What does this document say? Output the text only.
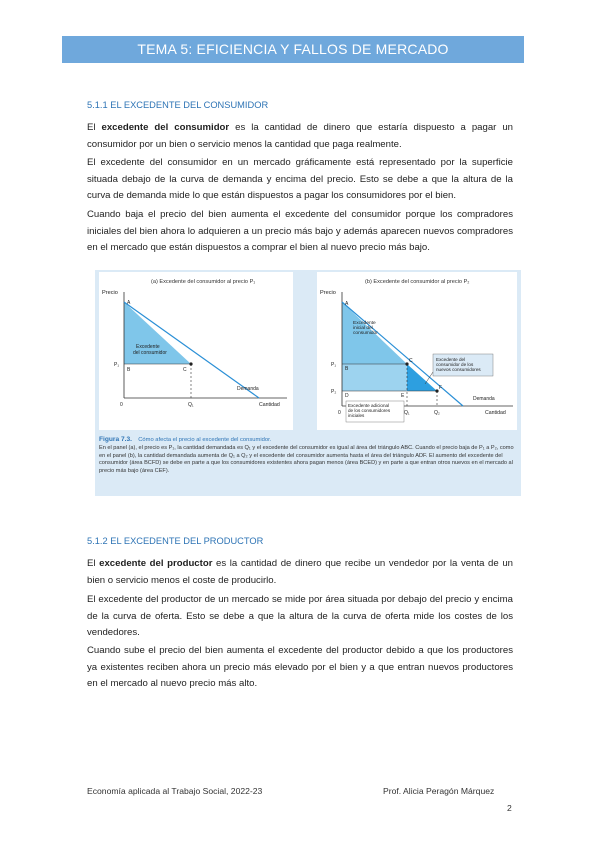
TEMA 5: EFICIENCIA Y FALLOS DE MERCADO
5.1.1 EL EXCEDENTE DEL CONSUMIDOR
El excedente del consumidor es la cantidad de dinero que estaría dispuesto a pagar un consumidor por un bien o servicio menos la cantidad que paga realmente.
El excedente del consumidor en un mercado gráficamente está representado por la superficie situada debajo de la curva de demanda y encima del precio. Esto se debe a que la altura de la curva de demanda mide lo que están dispuestos a pagar los consumidores por el bien.
Cuando baja el precio del bien aumenta el excedente del consumidor porque los compradores iniciales del bien ahora lo adquieren a un precio más bajo y además aparecen nuevos compradores en el mercado que están dispuestos a comprar el bien al nuevo precio más bajo.
(a) Excedente del consumidor al precio P₁
Precio
A
B	C
P₁
Q₁
0	Cantidad
Excedente
del consumidor
Demanda
(b) Excedente del consumidor al precio P₂
Precio
A
B
C
D	E
F
P₁
P₂
Q₁	Q₂
0	Cantidad
Excedente
inicial del
consumidor
Excedente del
consumidor de los
nuevos consumidores
Excedente adicional
de los consumidores
iniciales
Demanda
Figura 7.3. Cómo afecta el precio al excedente del consumidor.
En el panel (a), el precio es P₁, la cantidad demandada es Q₁ y el excedente del consumidor es igual al área del triángulo ABC. Cuando el precio baja de P₁ a P₂, como en el panel (b), la cantidad demandada aumenta de Q₁ a Q₂ y el excedente del consumidor aumenta hasta el área del triángulo ADF. El aumento del excedente del consumidor (área BCFD) se debe en parte a que los consumidores existentes ahora pagan menos (área BCED) y en parte a que entran otros nuevos en el mercado al precio más bajo (área CEF).
5.1.2 EL EXCEDENTE DEL PRODUCTOR
El excedente del productor es la cantidad de dinero que recibe un vendedor por la venta de un bien o servicio menos el coste de producirlo.
El excedente del productor de un mercado se mide por área situada por debajo del precio y encima de la curva de oferta. Esto se debe a que la altura de la curva de oferta mide los costes de los vendedores.
Cuando sube el precio del bien aumenta el excedente del productor debido a que los productores ya existentes reciben ahora un precio más elevado por el bien y a que entran nuevos productores en el mercado al nuevo precio más alto.
Economía aplicada al Trabajo Social, 2022-23	Prof. Alicia Peragón Márquez
2
